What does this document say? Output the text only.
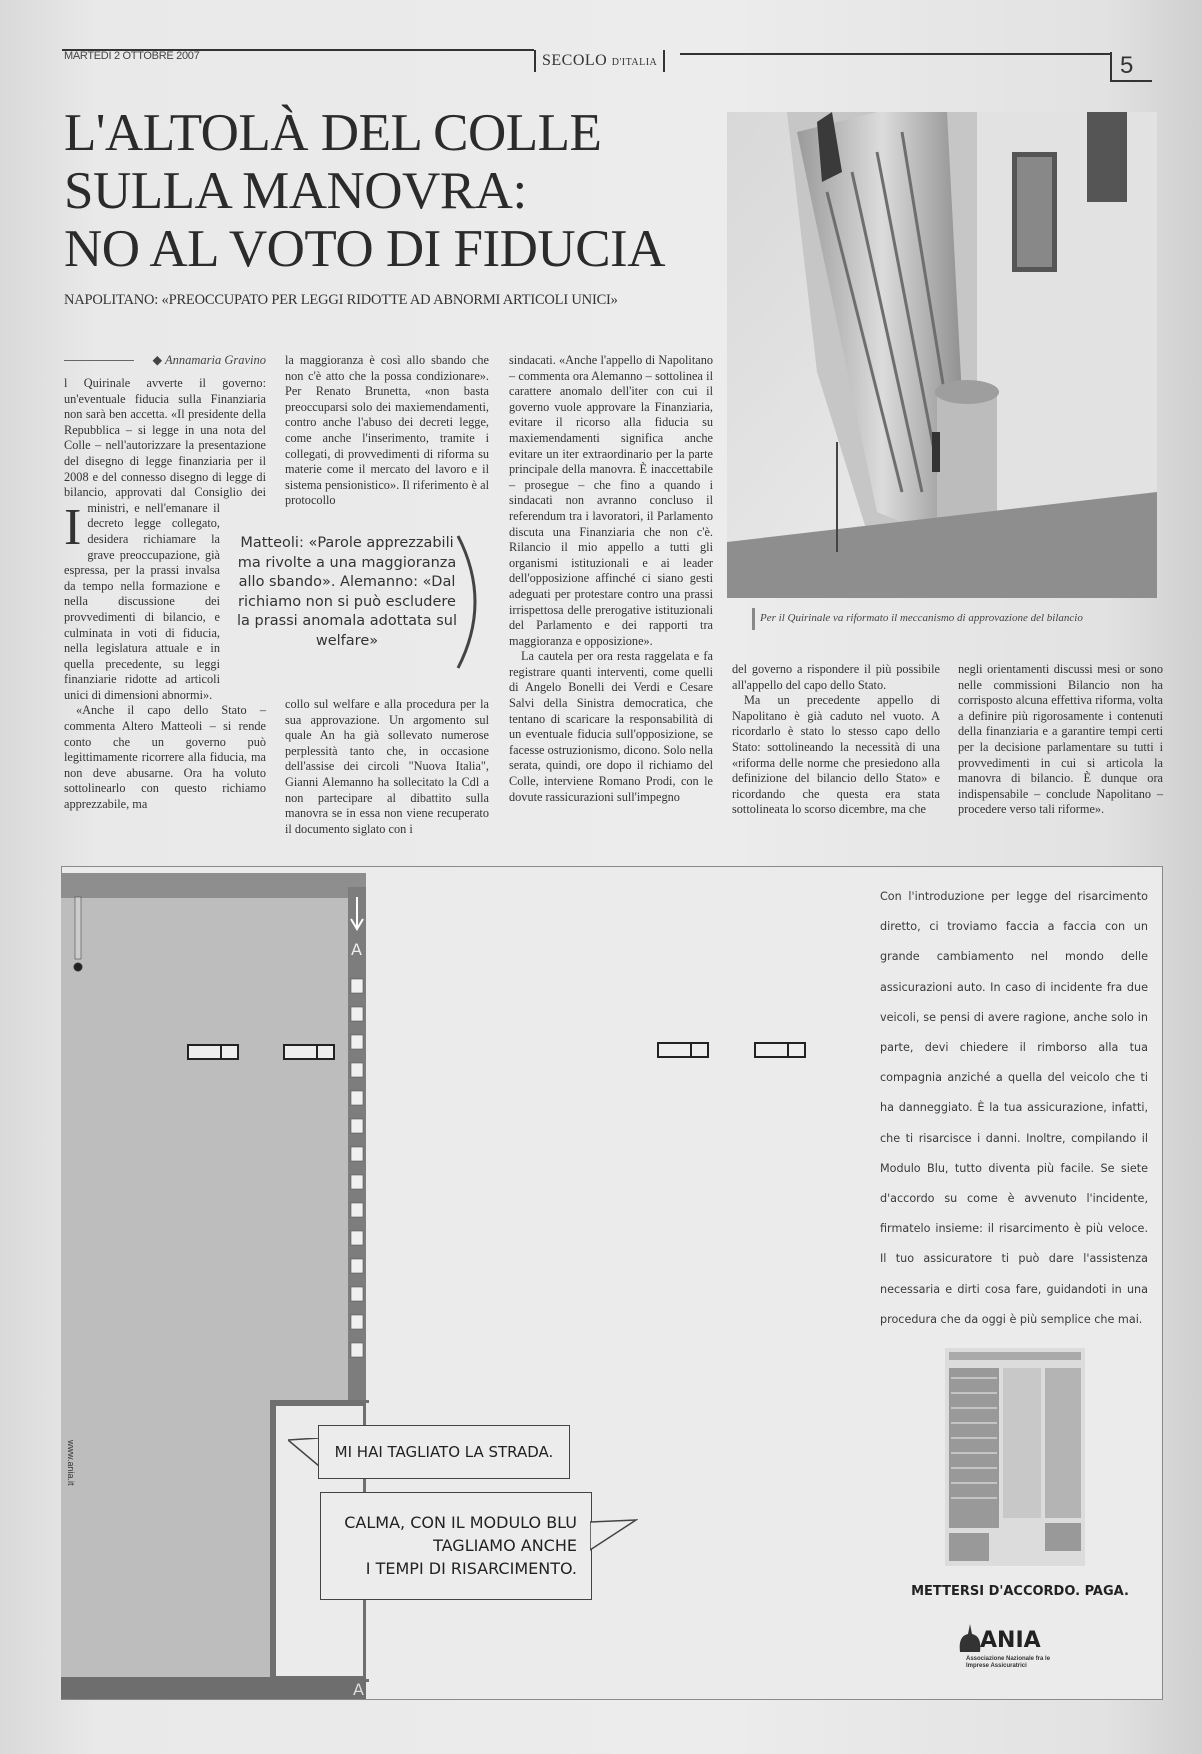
MARTEDÌ 2 OTTOBRE 2007	SECOLO D'ITALIA	5
L'ALTOLÀ DEL COLLE
SULLA MANOVRA:
NO AL VOTO DI FIDUCIA
NAPOLITANO: «PREOCCUPATO PER LEGGI RIDOTTE AD ABNORMI ARTICOLI UNICI»
Per il Quirinale va riformato il meccanismo di approvazione del bilancio
◆ Annamaria Gravino
I

l Quirinale avverte il governo: un'eventuale fiducia sulla Finanziaria non sarà ben accetta. «Il presidente della Repubblica – si legge in una nota del Colle – nell'autorizzare la presentazione del disegno di legge finanziaria per il 2008 e del connesso disegno di legge di bilancio, approvati dal Consiglio dei ministri, e nell'emanare il decreto legge collegato, desidera richiamare la grave preoccupazione, già espressa, per la prassi invalsa da tempo nella formazione e nella discussione dei provvedimenti di bilancio, e culminata in voti di fiducia, nella legislatura attuale e in quella precedente, su leggi finanziarie ridotte ad articoli unici di dimensioni abnormi».

«Anche il capo dello Stato – commenta Altero Matteoli – si rende conto che un governo può legittimamente ricorrere alla fiducia, ma non deve abusarne. Ora ha voluto sottolinearlo con questo richiamo apprezzabile, ma

la maggioranza è così allo sbando che non c'è atto che la possa condizionare». Per Renato Brunetta, «non basta preoccuparsi solo dei maxiemendamenti, contro anche l'abuso dei decreti legge, come anche l'inserimento, tramite i collegati, di provvedimenti di riforma su materie come il mercato del lavoro e il sistema pensionistico». Il riferimento è al protocollo

collo sul welfare e alla procedura per la sua approvazione. Un argomento sul quale An ha già sollevato numerose perplessità tanto che, in occasione dell'assise dei circoli "Nuova Italia", Gianni Alemanno ha sollecitato la Cdl a non partecipare al dibattito sulla manovra se in essa non viene recuperato il documento siglato con i

sindacati. «Anche l'appello di Napolitano – commenta ora Alemanno – sottolinea il carattere anomalo dell'iter con cui il governo vuole approvare la Finanziaria, evitare il ricorso alla fiducia su maxiemendamenti significa anche evitare un iter extraordinario per la parte principale della manovra. È inaccettabile – prosegue – che fino a quando i sindacati non avranno concluso il referendum tra i lavoratori, il Parlamento discuta una Finanziaria che non c'è. Rilancio il mio appello a tutti gli organismi istituzionali e ai leader dell'opposizione affinché ci siano gesti adeguati per protestare contro una prassi irrispettosa delle prerogative istituzionali del Parlamento e dei rapporti tra maggioranza e opposizione».

La cautela per ora resta raggelata e fa registrare quanti interventi, come quelli di Angelo Bonelli dei Verdi e Cesare Salvi della Sinistra democratica, che tentano di scaricare la responsabilità di un eventuale fiducia sull'opposizione, se facesse ostruzionismo, dicono. Solo nella serata, quindi, ore dopo il richiamo del Colle, interviene Romano Prodi, con le dovute rassicurazioni sull'impegno

del governo a rispondere il più possibile all'appello del capo dello Stato.

Ma un precedente appello di Napolitano è già caduto nel vuoto. A ricordarlo è stato lo stesso capo dello Stato: sottolineando la necessità di una «riforma delle norme che presiedono alla definizione del bilancio dello Stato» e ricordando che questa era stata sottolineata lo scorso dicembre, ma che

negli orientamenti discussi mesi or sono nelle commissioni Bilancio non ha corrisposto alcuna effettiva riforma, volta a definire più rigorosamente i contenuti della finanziaria e a garantire tempi certi per la decisione parlamentare su tutti i provvedimenti in cui si articola la manovra di bilancio. È dunque ora indispensabile – conclude Napolitano – procedere verso tali riforme».

Matteoli: «Parole apprezzabili ma rivolte a una maggioranza allo sbando». Alemanno: «Dal richiamo non si può escludere la prassi anomala adottata sul welfare»
A
A
www.ania.it	MI HAI TAGLIATO LA STRADA.
CALMA, CON IL MODULO BLU
TAGLIAMO ANCHE
I TEMPI DI RISARCIMENTO.
Con l'introduzione per legge del risarcimento diretto, ci troviamo faccia a faccia con un grande cambiamento nel mondo delle assicurazioni auto. In caso di incidente fra due veicoli, se pensi di avere ragione, anche solo in parte, devi chiedere il rimborso alla tua compagnia anziché a quella del veicolo che ti ha danneggiato. È la tua assicurazione, infatti, che ti risarcisce i danni. Inoltre, compilando il Modulo Blu, tutto diventa più facile. Se siete d'accordo su come è avvenuto l'incidente, firmatelo insieme: il risarcimento è più veloce. Il tuo assicuratore ti può dare l'assistenza necessaria e dirti cosa fare, guidandoti in una procedura che da oggi è più semplice che mai.
METTERSI D'ACCORDO. PAGA.
ANIA
Associazione Nazionale fra le Imprese Assicuratrici
